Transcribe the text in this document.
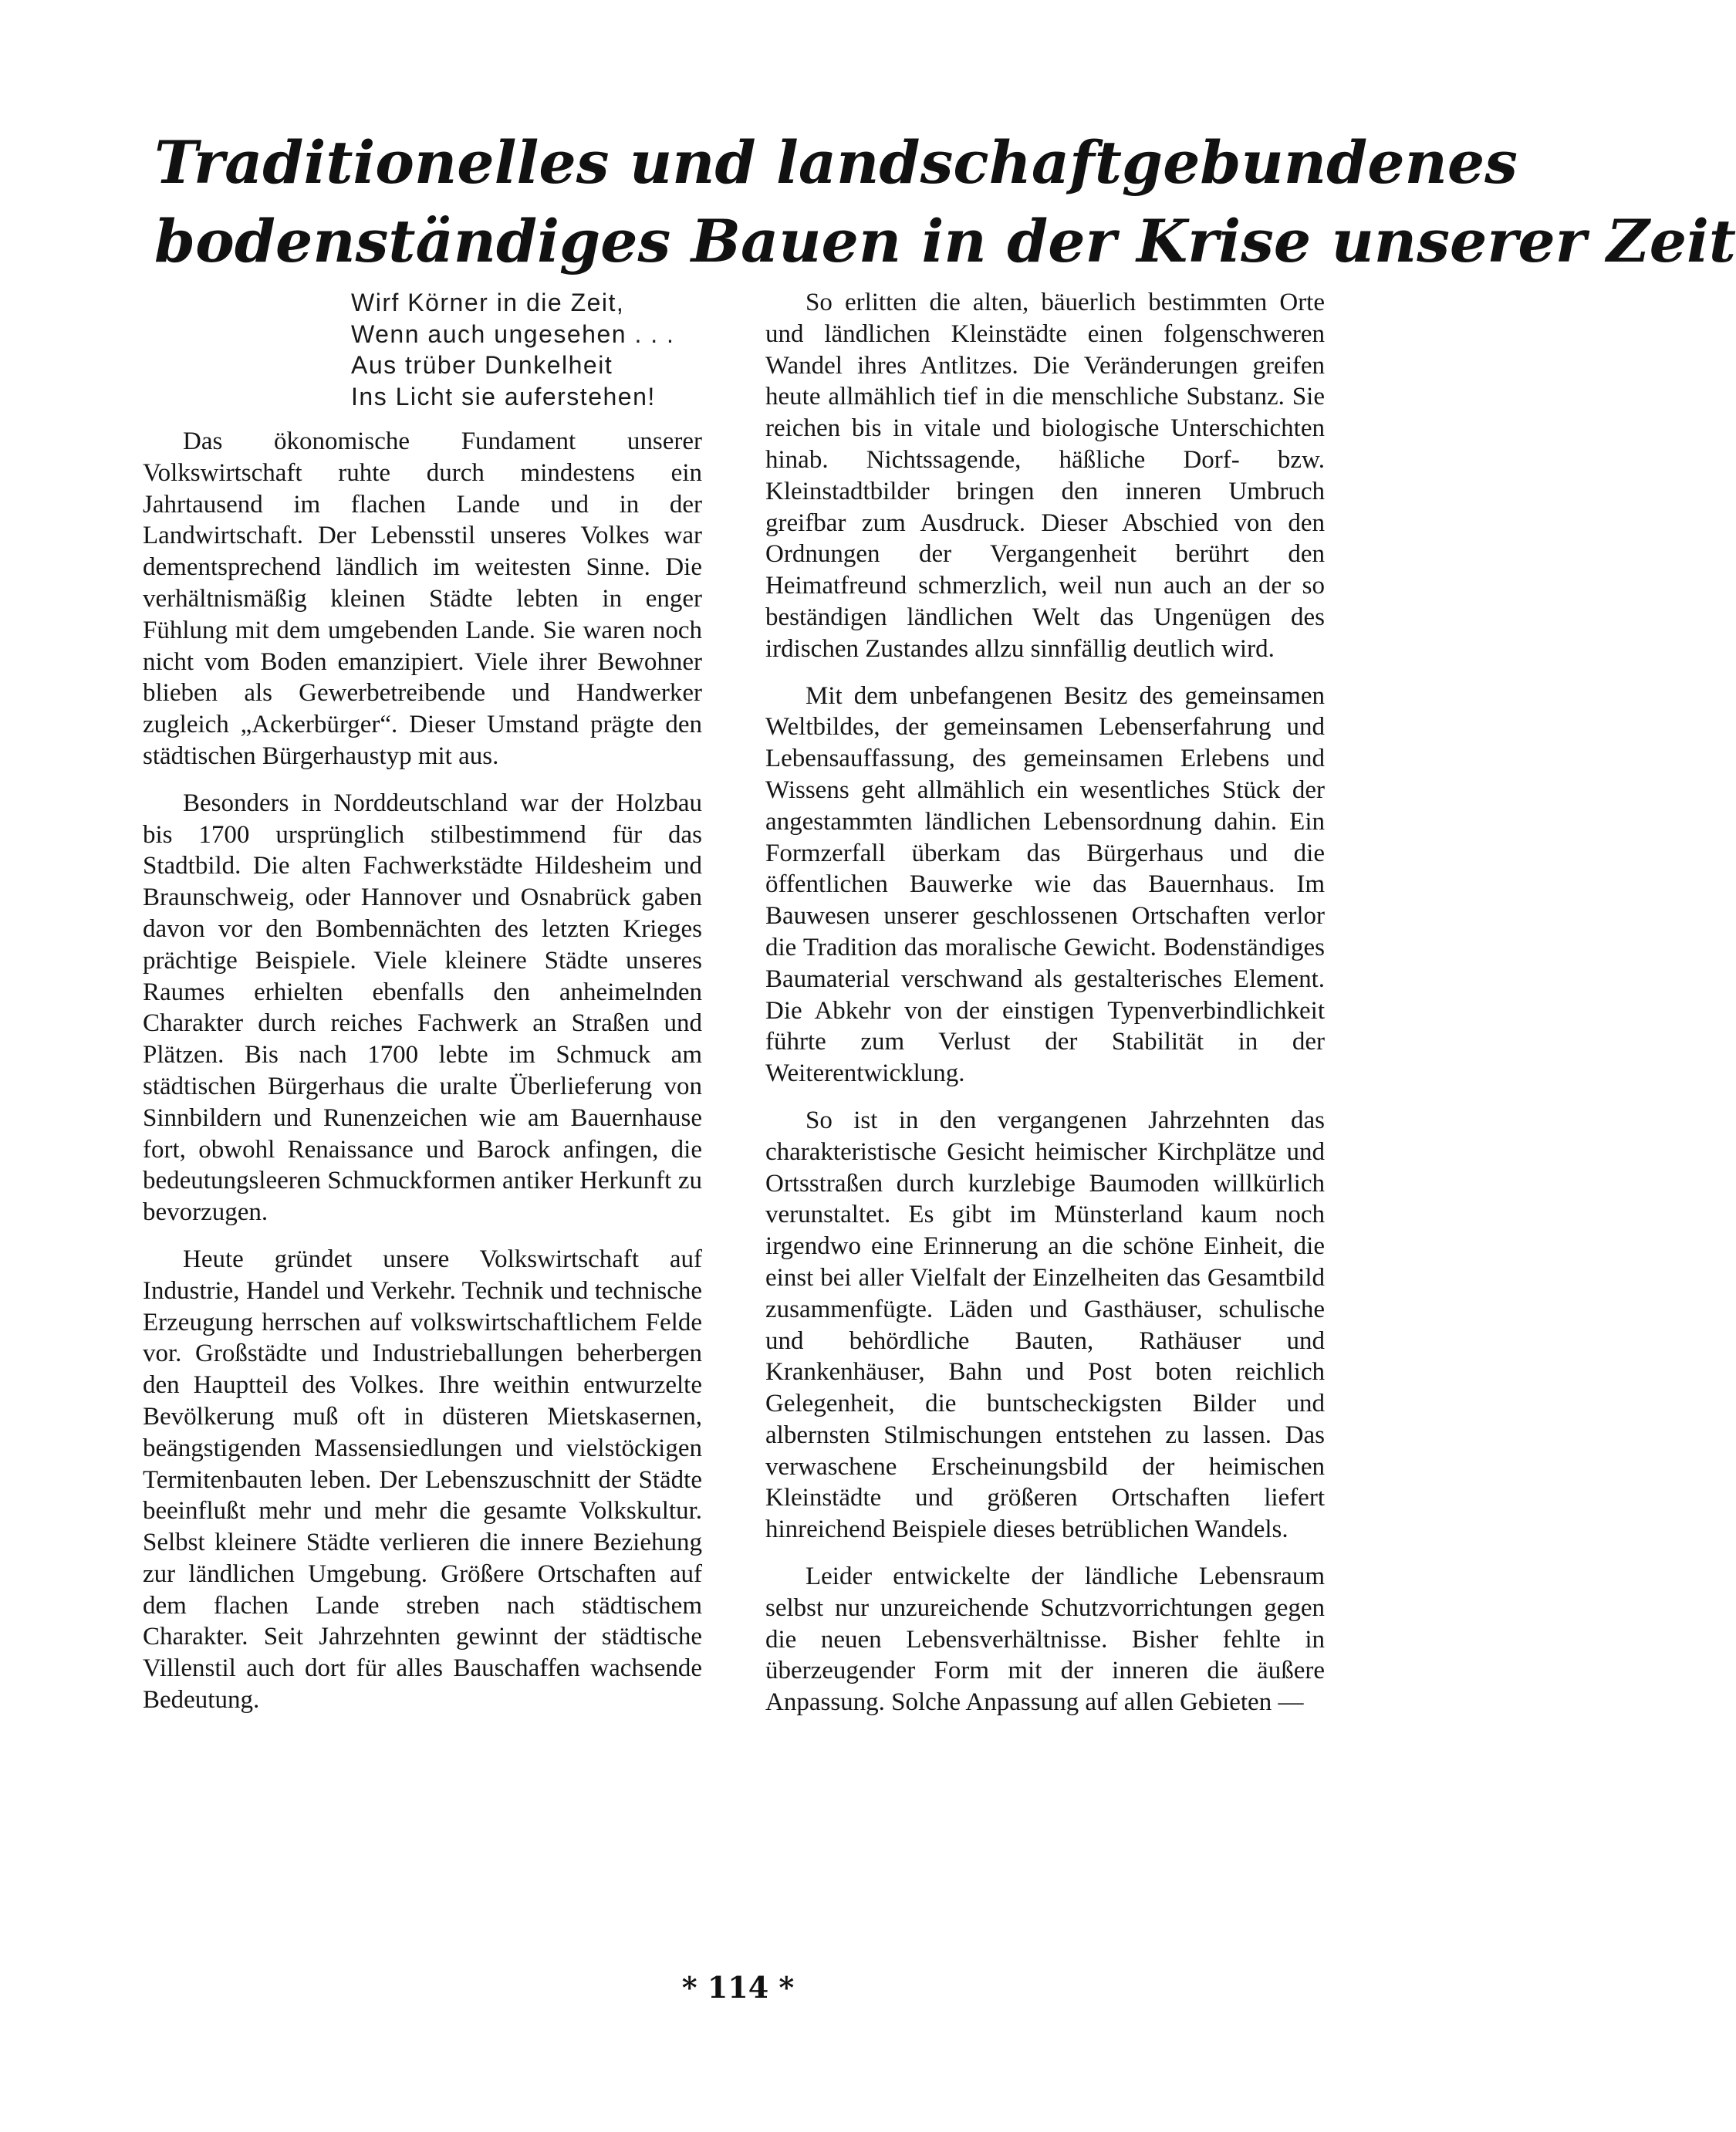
Traditionelles und landschaftgebundenes
bodenständiges Bauen in der Krise unserer Zeit
Wirf Körner in die Zeit,
Wenn auch ungesehen . . .
Aus trüber Dunkelheit
Ins Licht sie auferstehen!

Das ökonomische Fundament unserer Volkswirtschaft ruhte durch mindestens ein Jahrtausend im flachen Lande und in der Landwirtschaft. Der Lebensstil unseres Volkes war dementsprechend ländlich im weitesten Sinne. Die verhältnismäßig kleinen Städte lebten in enger Fühlung mit dem umgebenden Lande. Sie waren noch nicht vom Boden emanzipiert. Viele ihrer Bewohner blieben als Gewerbetreibende und Handwerker zugleich „Ackerbürger“. Dieser Umstand prägte den städtischen Bürgerhaustyp mit aus.

Besonders in Norddeutschland war der Holzbau bis 1700 ursprünglich stilbestimmend für das Stadtbild. Die alten Fachwerkstädte Hildesheim und Braunschweig, oder Hannover und Osnabrück gaben davon vor den Bombennächten des letzten Krieges prächtige Beispiele. Viele kleinere Städte unseres Raumes erhielten ebenfalls den anheimelnden Charakter durch reiches Fachwerk an Straßen und Plätzen. Bis nach 1700 lebte im Schmuck am städtischen Bürgerhaus die uralte Überlieferung von Sinnbildern und Runenzeichen wie am Bauernhause fort, obwohl Renaissance und Barock anfingen, die bedeutungsleeren Schmuckformen antiker Herkunft zu bevorzugen.

Heute gründet unsere Volkswirtschaft auf Industrie, Handel und Verkehr. Technik und technische Erzeugung herrschen auf volkswirtschaftlichem Felde vor. Großstädte und Industrieballungen beherbergen den Hauptteil des Volkes. Ihre weithin entwurzelte Bevölkerung muß oft in düsteren Mietskasernen, beängstigenden Massensiedlungen und vielstöckigen Termitenbauten leben. Der Lebenszuschnitt der Städte beeinflußt mehr und mehr die gesamte Volkskultur. Selbst kleinere Städte verlieren die innere Beziehung zur ländlichen Umgebung. Größere Ortschaften auf dem flachen Lande streben nach städtischem Charakter. Seit Jahrzehnten gewinnt der städtische Villenstil auch dort für alles Bauschaffen wachsende Bedeutung.

So erlitten die alten, bäuerlich bestimmten Orte und ländlichen Kleinstädte einen folgenschweren Wandel ihres Antlitzes. Die Veränderungen greifen heute allmählich tief in die menschliche Substanz. Sie reichen bis in vitale und biologische Unterschichten hinab. Nichtssagende, häßliche Dorf- bzw. Kleinstadtbilder bringen den inneren Umbruch greifbar zum Ausdruck. Dieser Abschied von den Ordnungen der Vergangenheit berührt den Heimatfreund schmerzlich, weil nun auch an der so beständigen ländlichen Welt das Ungenügen des irdischen Zustandes allzu sinnfällig deutlich wird.

Mit dem unbefangenen Besitz des gemeinsamen Weltbildes, der gemeinsamen Lebenserfahrung und Lebensauffassung, des gemeinsamen Erlebens und Wissens geht allmählich ein wesentliches Stück der angestammten ländlichen Lebensordnung dahin. Ein Formzerfall überkam das Bürgerhaus und die öffentlichen Bauwerke wie das Bauernhaus. Im Bauwesen unserer geschlossenen Ortschaften verlor die Tradition das moralische Gewicht. Bodenständiges Baumaterial verschwand als gestalterisches Element. Die Abkehr von der einstigen Typenverbindlichkeit führte zum Verlust der Stabilität in der Weiterentwicklung.

So ist in den vergangenen Jahrzehnten das charakteristische Gesicht heimischer Kirchplätze und Ortsstraßen durch kurzlebige Baumoden willkürlich verunstaltet. Es gibt im Münsterland kaum noch irgendwo eine Erinnerung an die schöne Einheit, die einst bei aller Vielfalt der Einzelheiten das Gesamtbild zusammenfügte. Läden und Gasthäuser, schulische und behördliche Bauten, Rathäuser und Krankenhäuser, Bahn und Post boten reichlich Gelegenheit, die buntscheckigsten Bilder und albernsten Stilmischungen entstehen zu lassen. Das verwaschene Erscheinungsbild der heimischen Kleinstädte und größeren Ortschaften liefert hinreichend Beispiele dieses betrüblichen Wandels.

Leider entwickelte der ländliche Lebensraum selbst nur unzureichende Schutzvorrichtungen gegen die neuen Lebensverhältnisse. Bisher fehlte in überzeugender Form mit der inneren die äußere Anpassung. Solche Anpassung auf allen Gebieten —

* 114 *
